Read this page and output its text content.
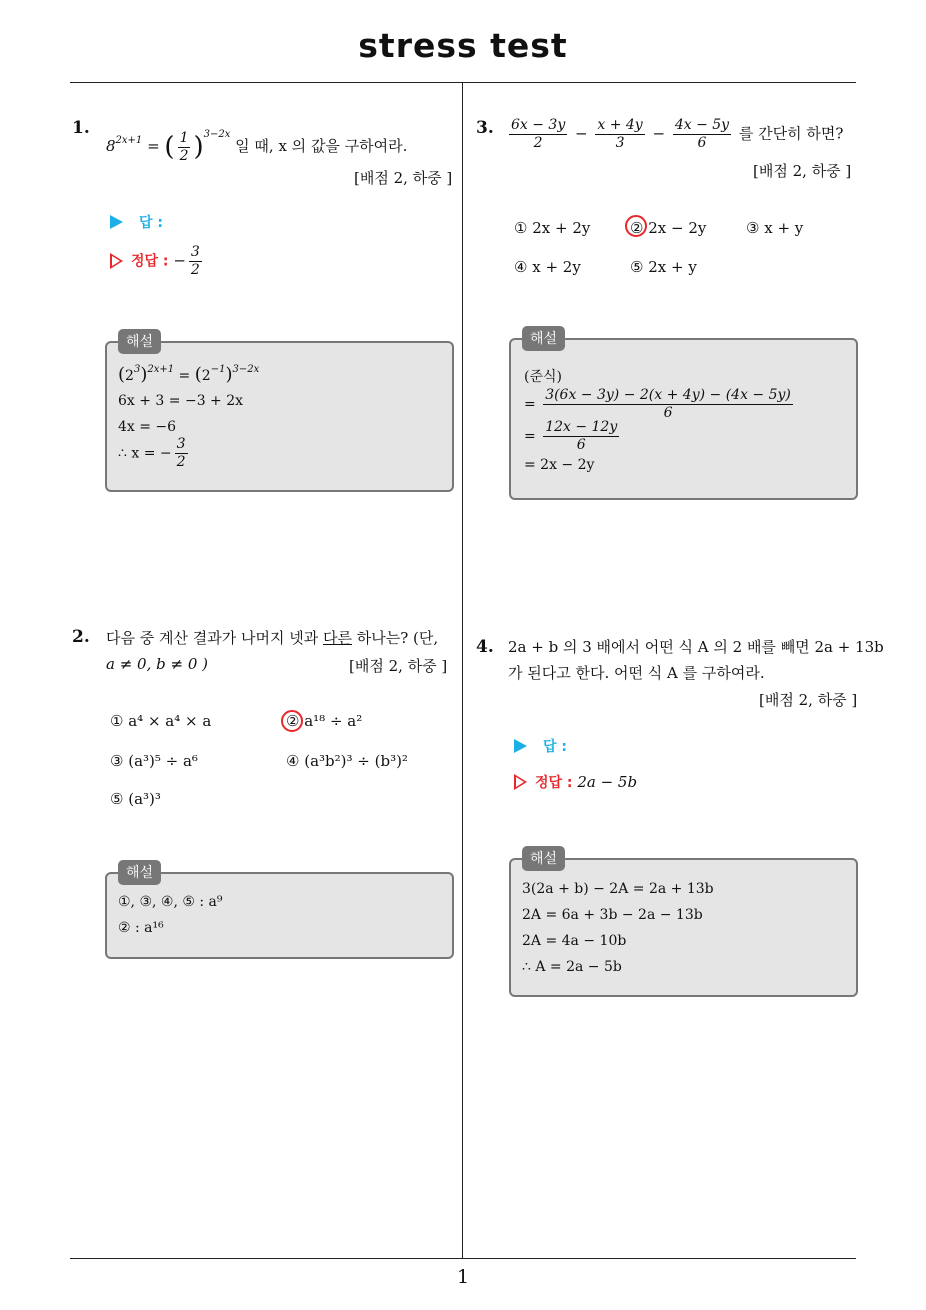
stress test
1
1.
$8^{2x+1}$ = ( $\frac{1}{2} )^{3-2x}$ 일 때, x 의 값을 구하여라.
[배점 2, 하중 ]
답 :
정답 : − $\frac{3}{2}$
해설
$(2^3)^{2x+1} = (2^{-1})^{3-2x}$
6x + 3 = −3 + 2x
4x = −6
∴ x = − $\frac{3}{2}$
2. 다음 중 계산 결과가 나머지 넷과 다른 하나는? (단,
a ≠ 0, b ≠ 0 )	[배점 2, 하중 ]
① a⁴ × a⁴ × a	② a¹⁸ ÷ a²
③ (a³)⁵ ÷ a⁶	④ (a³b²)³ ÷ (b³)²
⑤ (a³)³
해설
①, ③, ④, ⑤ : a⁹
② : a¹⁶
3. $\frac{6x - 3y}{2} - \frac{x + 4y}{3} - \frac{4x - 5y}{6}$ 를 간단히 하면?
[배점 2, 하중 ]
① 2x + 2y	② 2x − 2y	③ x + y
④ x + 2y	⑤ 2x + y
해설
(준식)
= $\frac{3(6x - 3y) - 2(x + 4y) - (4x - 5y)}{6}$
= $\frac{12x - 12y}{6}$
= 2x − 2y
4. 2a + b 의 3 배에서 어떤 식 A 의 2 배를 빼면 2a + 13b
가 된다고 한다. 어떤 식 A 를 구하여라.
[배점 2, 하중 ]
답 :
정답 : 2a − 5b
해설
3(2a + b) − 2A = 2a + 13b
2A = 6a + 3b − 2a − 13b
2A = 4a − 10b
∴ A = 2a − 5b
